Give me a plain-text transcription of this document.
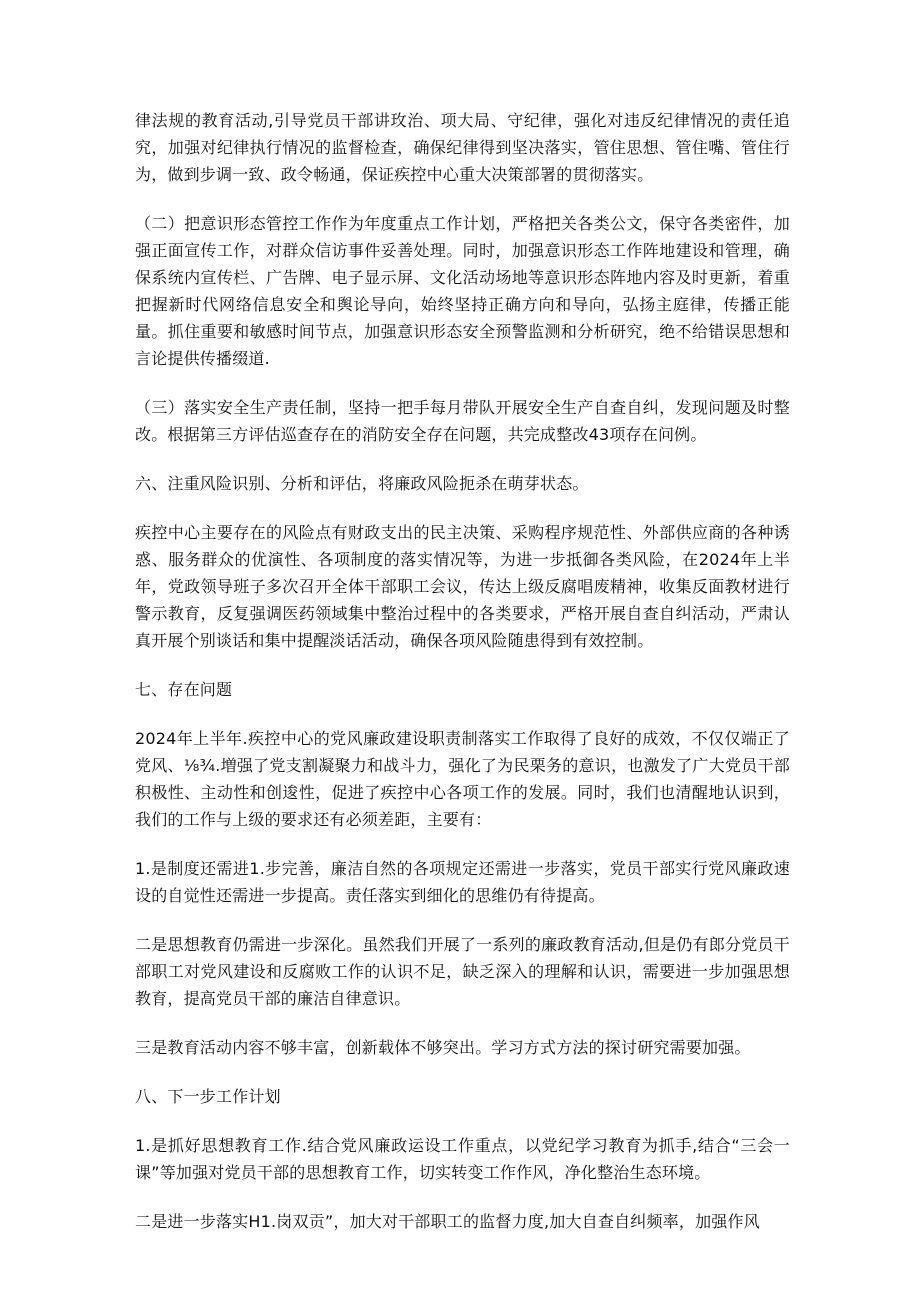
律法规的教育活动,引导党员干部讲玫治、项大局、守纪律，强化对违反纪律情况的责任追究，加强对纪律执行情况的监督检查，确保纪律得到坚决落实，管住思想、管住嘴、管住行为，做到步调一致、政令畅通，保证疾控中心重大决策部署的贯彻落实。

（二）把意识形态管控工作作为年度重点工作计划，严格把关各类公文，保守各类密件，加强正面宣传工作，对群众信访事件妥善处理。同时，加强意识形态工作阵地建设和管理，确保系统内宣传栏、广告牌、电子显示屏、文化活动场地等意识形态阵地内容及时更新，着重把握新时代网络信息安全和舆论导向，始终坚持正确方向和导向，弘扬主庭律，传播正能量。抓住重要和敏感时间节点，加强意识形态安全预警监测和分析研究，绝不给错误思想和言论提供传播缀道.

（三）落实安全生产责任制，坚持一把手每月带队开展安全生产自查自纠，发现问题及时整改。根据第三方评估巡查存在的消防安全存在问题，共完成整改43项存在问例。

六、注重风险识别、分析和评估，将廉政风险扼杀在萌芽状态。

疾控中心主要存在的风险点有财政支出的民主决策、采购程序规范性、外部供应商的各种诱惑、服务群众的优演性、各项制度的落实情况等，为进一步抵御各类风险，在2024年上半年，党政领导班子多次召开全体干部职工会议，传达上级反腐唱废精神，收集反面教材进行警示教育，反复强调医药领域集中整治过程中的各类要求，严格开展自查自纠活动，严肃认真开展个别谈话和集中提醒淡话活动，确保各项风险随患得到有效控制。

七、存在问题

2024年上半年.疾控中心的党风廉政建设职责制落实工作取得了良好的成效，不仅仅端正了党风、⅛¾.増强了党支割凝聚力和战斗力，强化了为民栗务的意识，也激发了广大党员干部积极性、主动性和创逡性，促进了疾控中心各项工作的发展。同时，我们也清醒地认识到，我们的工作与上级的要求还有必须差距，主要有：

1.是制度还需进1.步完善，廉洁自然的各项规定还需进一步落实，党员干部实行党风廉政速设的自觉性还需进一步提高。责任落实到细化的思维仍有待提高。

二是思想教育仍需进一步深化。虽然我们开展了一系列的廉政教育活动,但是仍有郎分党员干部职工对党风建设和反腐败工作的认识不足，缺乏深入的理解和认识，需要进一步加强思想教育，提高党员干部的廉洁自律意识。

三是教育活动内容不够丰富，创新载体不够突出。学习方式方法的探讨研究需要加强。

八、下一步工作计划

1.是抓好思想教育工作.结合党风廉政运设工作重点，以党纪学习教育为抓手,结合“三会一课”等加强对党员干部的思想教育工作，切实转变工作作风，净化整治生态环境。

二是进一步落实H1.岗双贡”，加大对干部职工的监督力度,加大自查自纠频率，加强作风
